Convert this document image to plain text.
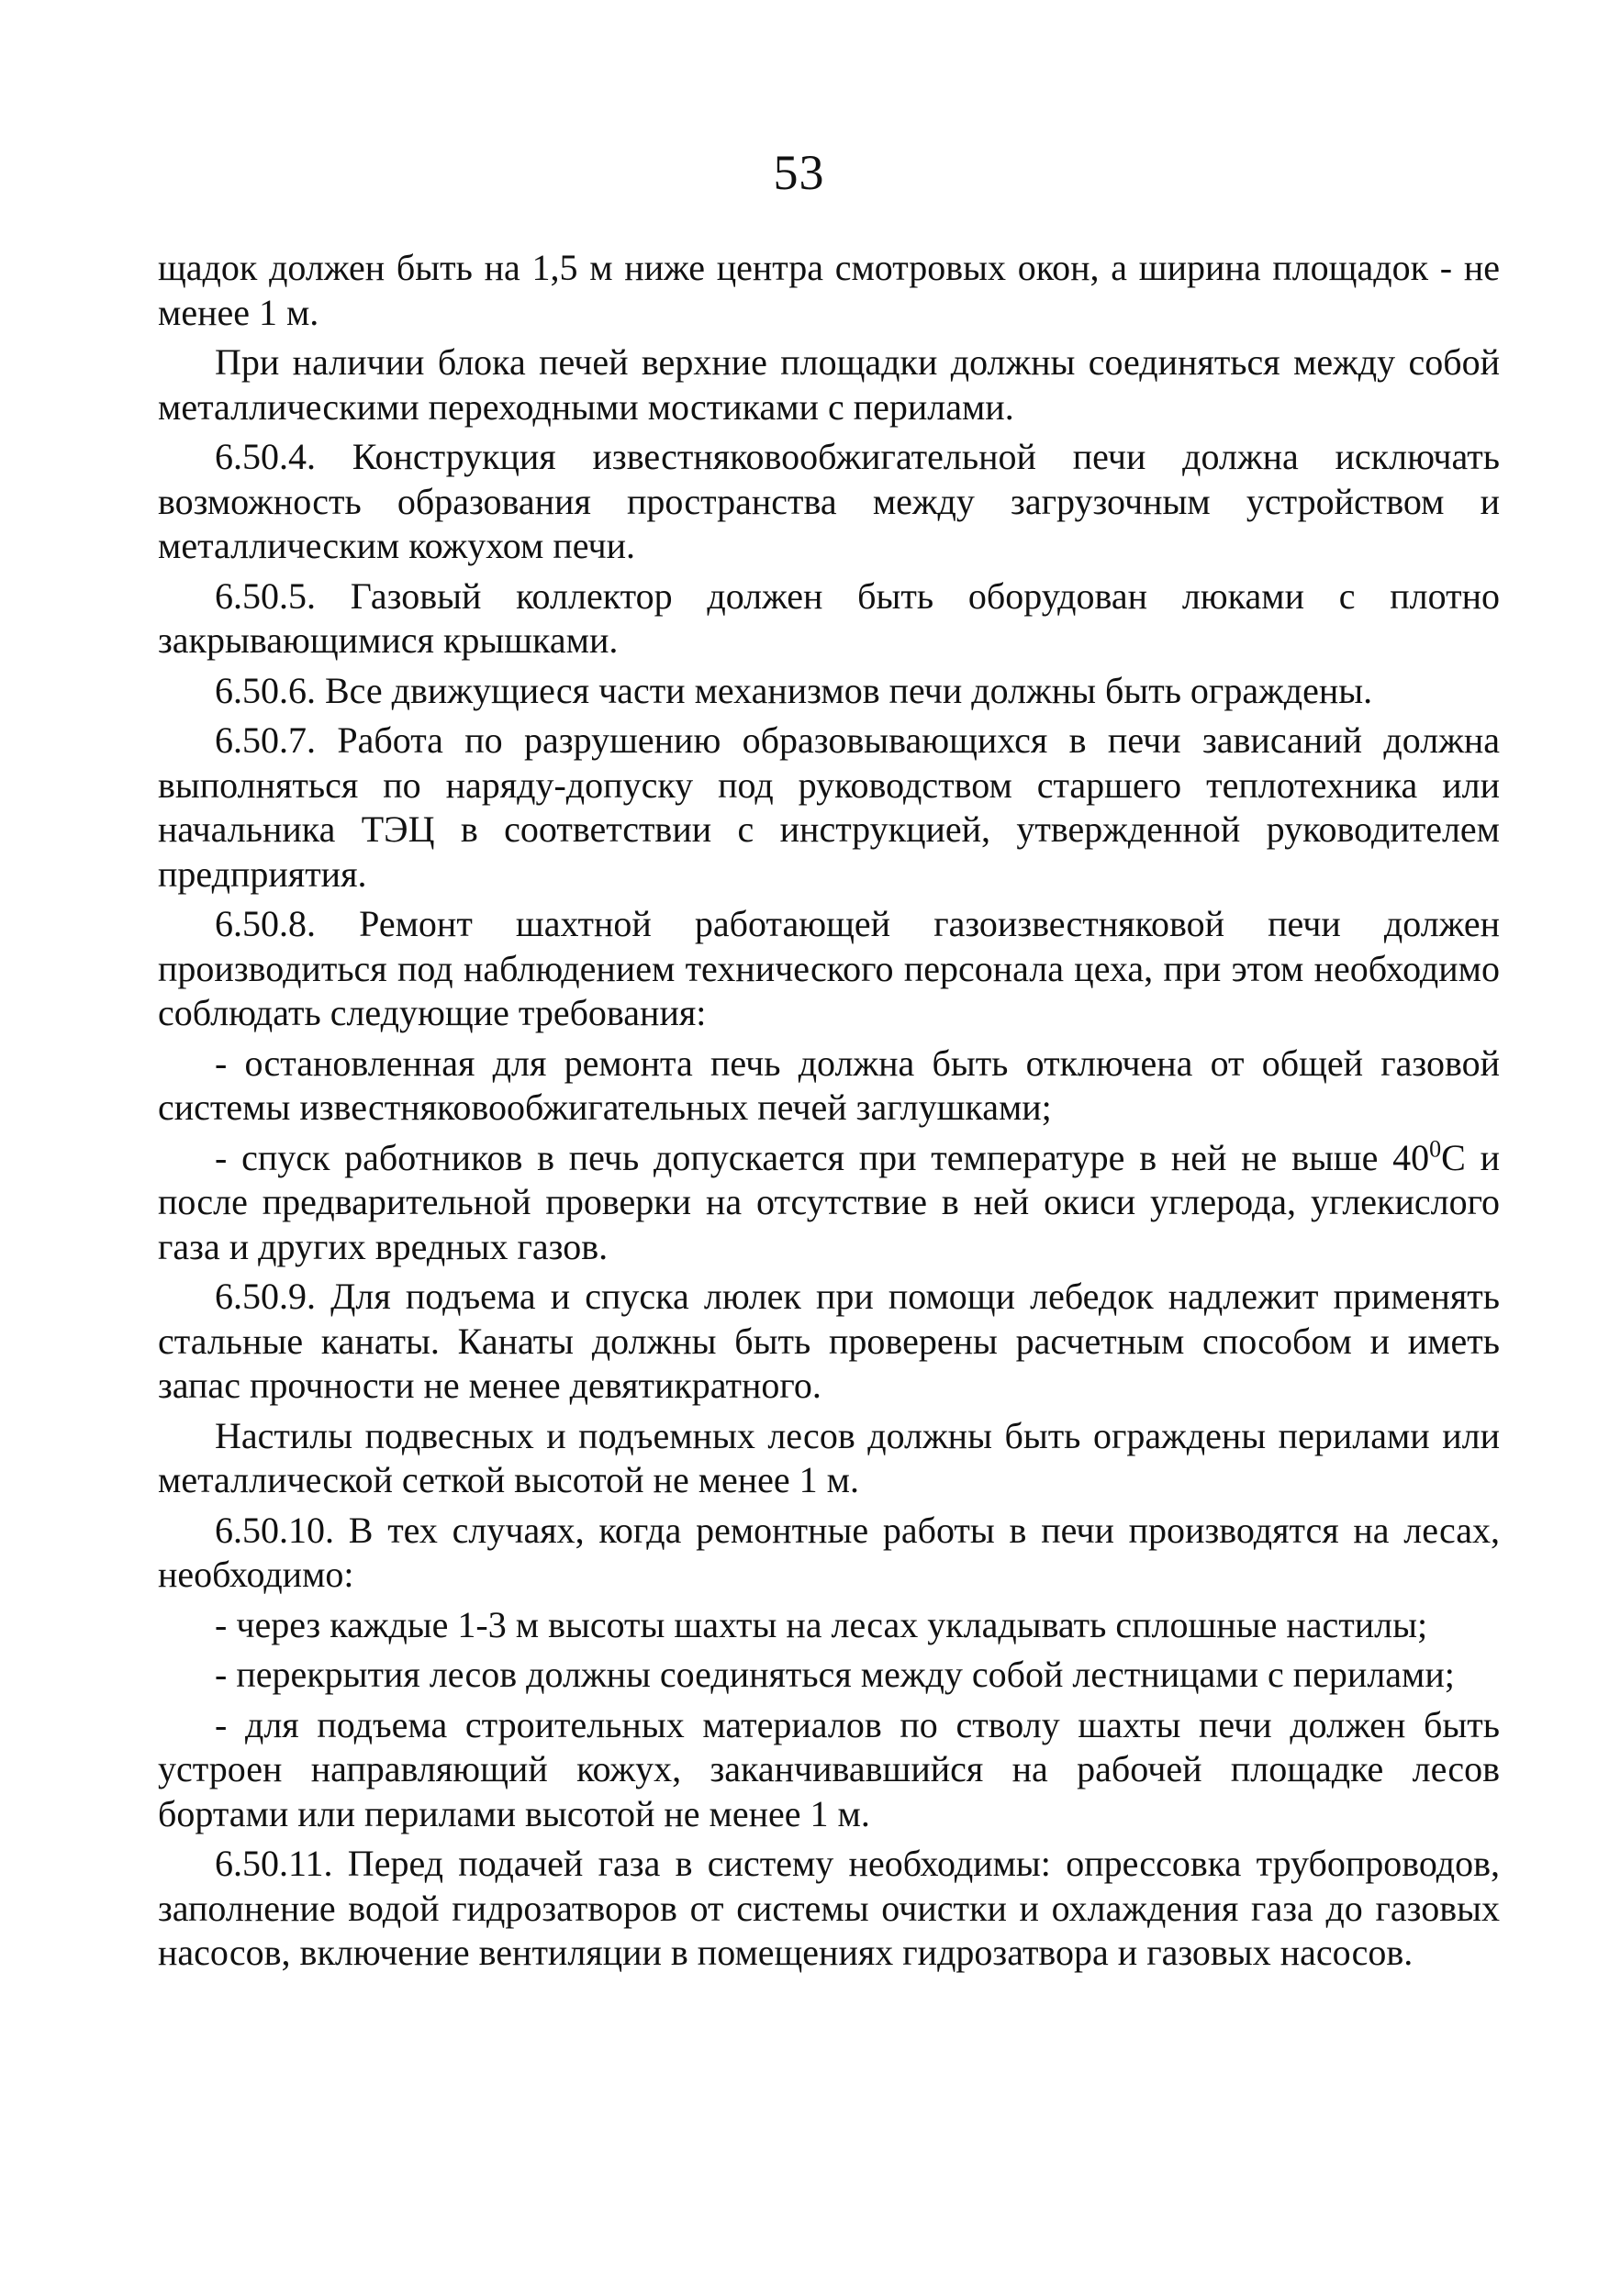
53

щадок должен быть на 1,5 м ниже центра смотровых окон, а ширина площадок - не менее 1 м.

При наличии блока печей верхние площадки должны соединяться между собой металлическими переходными мостиками с перилами.

6.50.4. Конструкция известняковообжигательной печи должна исключать возможность образования пространства между загрузочным устройством и металлическим кожухом печи.

6.50.5. Газовый коллектор должен быть оборудован люками с плотно закрывающимися крышками.

6.50.6. Все движущиеся части механизмов печи должны быть ограждены.

6.50.7. Работа по разрушению образовывающихся в печи зависаний должна выполняться по наряду-допуску под руководством старшего теплотехника или начальника ТЭЦ в соответствии с инструкцией, утвержденной руководителем предприятия.

6.50.8. Ремонт шахтной работающей газоизвестняковой печи должен производиться под наблюдением технического персонала цеха, при этом необходимо соблюдать следующие требования:

- остановленная для ремонта печь должна быть отключена от общей газовой системы известняковообжигательных печей заглушками;

- спуск работников в печь допускается при температуре в ней не выше $40^0С$ и после предварительной проверки на отсутствие в ней окиси углерода, углекислого газа и других вредных газов.

6.50.9. Для подъема и спуска люлек при помощи лебедок надлежит применять стальные канаты. Канаты должны быть проверены расчетным способом и иметь запас прочности не менее девятикратного.

Настилы подвесных и подъемных лесов должны быть ограждены перилами или металлической сеткой высотой не менее 1 м.

6.50.10. В тех случаях, когда ремонтные работы в печи производятся на лесах, необходимо:

- через каждые 1-3 м высоты шахты на лесах укладывать сплошные настилы;

- перекрытия лесов должны соединяться между собой лестницами с перилами;

- для подъема строительных материалов по стволу шахты печи должен быть устроен направляющий кожух, заканчивавшийся на рабочей площадке лесов бортами или перилами высотой не менее 1 м.

6.50.11. Перед подачей газа в систему необходимы: опрессовка трубопроводов, заполнение водой гидрозатворов от системы очистки и охлаждения газа до газовых насосов, включение вентиляции в помещениях гидрозатвора и газовых насосов.
